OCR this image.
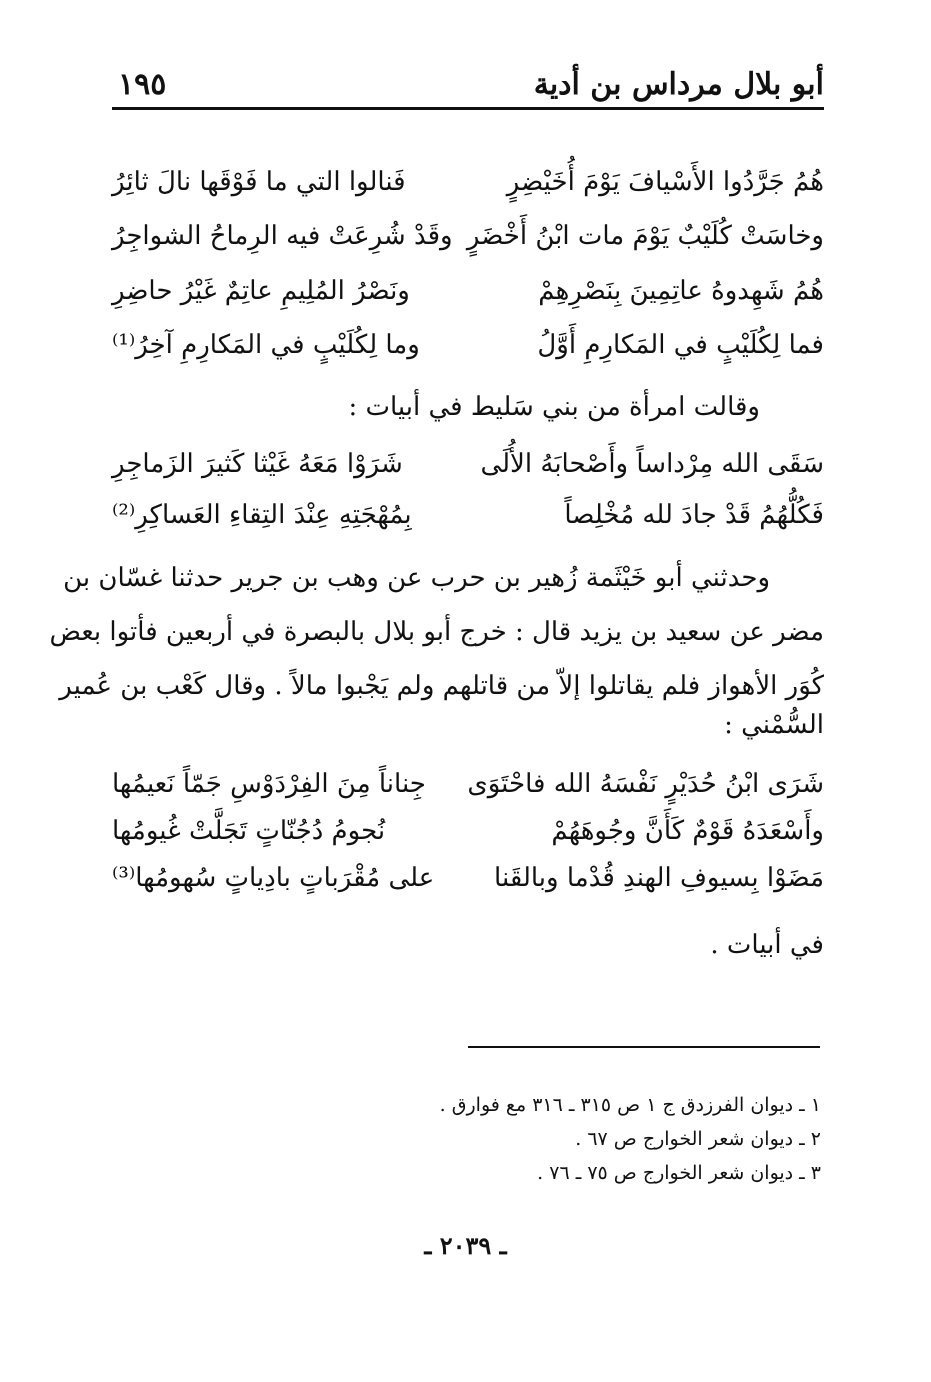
أبو بلال مرداس بن أدية
١٩٥
هُمُ جَرَّدُوا الأَسْيافَ يَوْمَ أُخَيْضِرٍ
فَنالوا التي ما فَوْقَها نالَ ثائِرُ
وخاسَتْ كُلَيْبٌ يَوْمَ مات ابْنُ أَخْضَرٍ
وقَدْ شُرِعَتْ فيه الرِماحُ الشواجِرُ
هُمُ شَهِدوهُ عاتِمِينَ بِنَصْرِهِمْ
ونَصْرُ المُلِيمِ عاتِمٌ غَيْرُ حاضِرِ
فما لِكُلَيْبٍ في المَكارِمِ أَوَّلُ
وما لِكُلَيْبٍ في المَكارِمِ آخِرُ⁽¹⁾
وقالت امرأة من بني سَليط في أبيات :
سَقَى الله مِرْداساً وأَصْحابَهُ الأُلَى
شَرَوْا مَعَهُ غَيْثا كَثيرَ الزَماجِرِ
فَكُلُّهُمُ قَدْ جادَ لله مُخْلِصاً
بِمُهْجَتِهِ عِنْدَ التِقاءِ العَساكِرِ⁽²⁾
وحدثني أبو خَيْثَمة زُهير بن حرب عن وهب بن جرير حدثنا غسّان بن
مضر عن سعيد بن يزيد قال : خرج أبو بلال بالبصرة في أربعين فأتوا بعض
كُوَر الأهواز فلم يقاتلوا إلاّ من قاتلهم ولم يَجْبوا مالاً . وقال كَعْب بن عُمير
السُّمْني :
شَرَى ابْنُ حُدَيْرٍ نَفْسَهُ الله فاحْتَوَى
جِناناً مِنَ الفِرْدَوْسِ جَمّاً نَعيمُها
وأَسْعَدَهُ قَوْمٌ كَأَنَّ وجُوهَهُمْ
نُجومُ دُجُنّاتٍ تَجَلَّتْ غُيومُها
مَضَوْا بِسيوفِ الهندِ قُدْما وبالقَنا
على مُقْرَباتٍ بادِياتٍ سُهومُها⁽³⁾
في أبيات .
١ ـ ديوان الفرزدق ج ١ ص ٣١٥ ـ ٣١٦ مع فوارق .
٢ ـ ديوان شعر الخوارج ص ٦٧ .
٣ ـ ديوان شعر الخوارج ص ٧٥ ـ ٧٦ .
ـ ٢٠٣٩ ـ
